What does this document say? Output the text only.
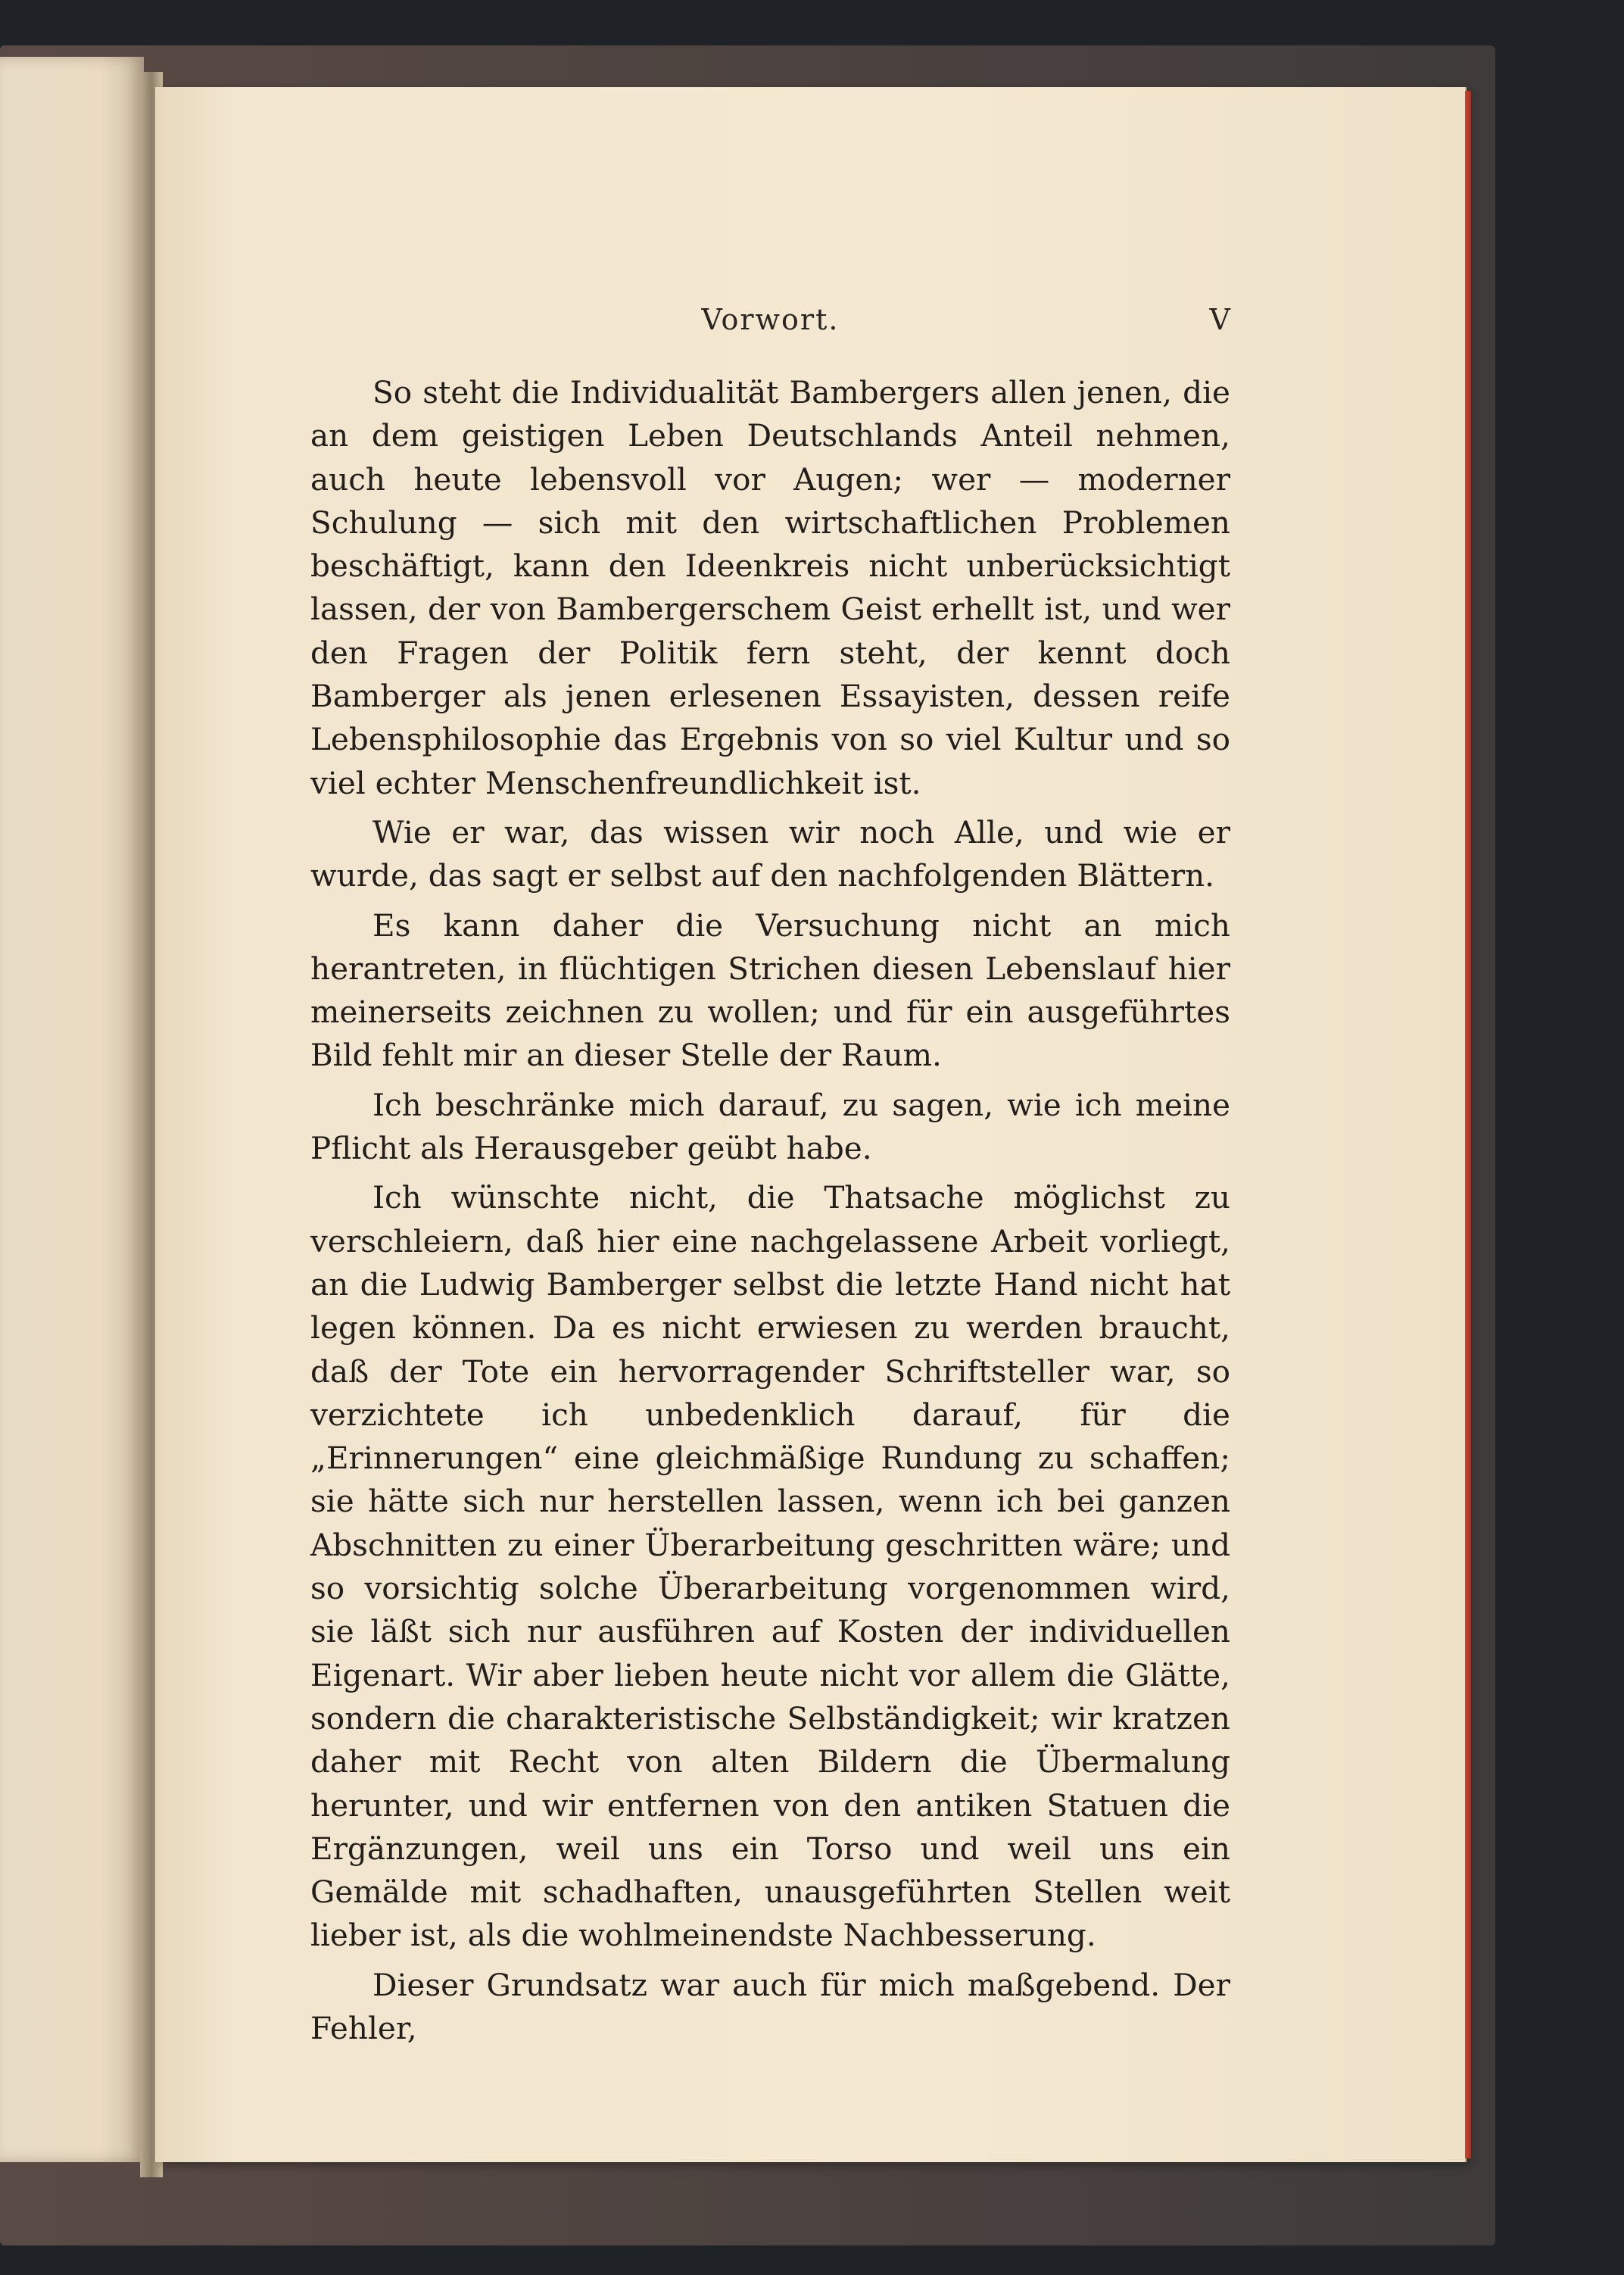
Vorwort.	V

So steht die Individualität Bambergers allen jenen, die an dem geistigen Leben Deutschlands Anteil nehmen, auch heute lebensvoll vor Augen; wer — moderner Schulung — sich mit den wirtschaftlichen Problemen beschäftigt, kann den Ideenkreis nicht unberücksichtigt lassen, der von Bambergerschem Geist erhellt ist, und wer den Fragen der Politik fern steht, der kennt doch Bamberger als jenen erlesenen Essayisten, dessen reife Lebensphilosophie das Ergebnis von so viel Kultur und so viel echter Menschenfreundlichkeit ist.

Wie er war, das wissen wir noch Alle, und wie er wurde, das sagt er selbst auf den nachfolgenden Blättern.

Es kann daher die Versuchung nicht an mich herantreten, in flüchtigen Strichen diesen Lebenslauf hier meinerseits zeichnen zu wollen; und für ein ausgeführtes Bild fehlt mir an dieser Stelle der Raum.

Ich beschränke mich darauf, zu sagen, wie ich meine Pflicht als Herausgeber geübt habe.

Ich wünschte nicht, die Thatsache möglichst zu verschleiern, daß hier eine nachgelassene Arbeit vorliegt, an die Ludwig Bamberger selbst die letzte Hand nicht hat legen können. Da es nicht erwiesen zu werden braucht, daß der Tote ein hervorragender Schriftsteller war, so verzichtete ich unbedenklich darauf, für die „Erinnerungen“ eine gleichmäßige Rundung zu schaffen; sie hätte sich nur herstellen lassen, wenn ich bei ganzen Abschnitten zu einer Überarbeitung geschritten wäre; und so vorsichtig solche Überarbeitung vorgenommen wird, sie läßt sich nur ausführen auf Kosten der individuellen Eigenart. Wir aber lieben heute nicht vor allem die Glätte, sondern die charakteristische Selbständigkeit; wir kratzen daher mit Recht von alten Bildern die Übermalung herunter, und wir entfernen von den antiken Statuen die Ergänzungen, weil uns ein Torso und weil uns ein Gemälde mit schadhaften, unausgeführten Stellen weit lieber ist, als die wohlmeinendste Nachbesserung.

Dieser Grundsatz war auch für mich maßgebend. Der Fehler,
